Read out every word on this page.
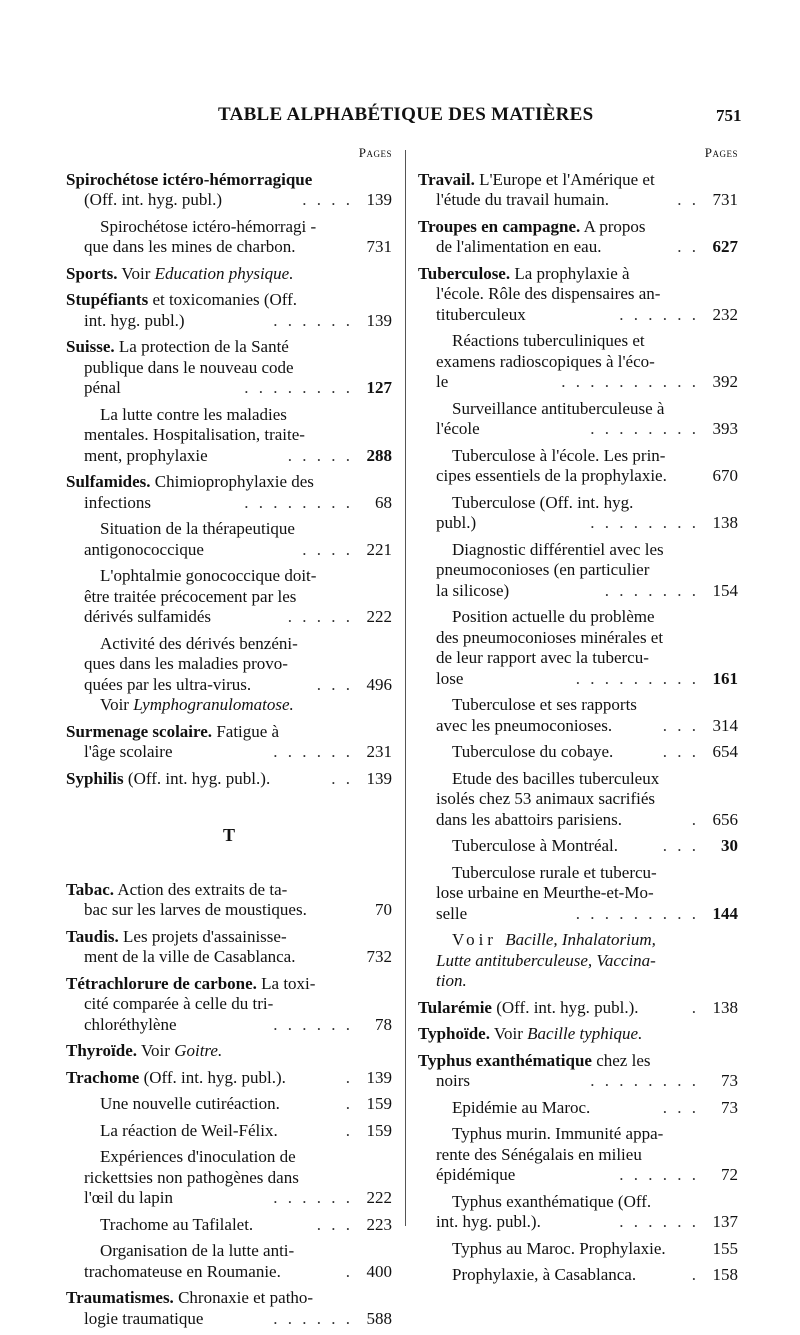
TABLE ALPHABÉTIQUE DES MATIÈRES	751
Pages
Spirochétose ictéro-hémorragique
(Off. int. hyg. publ.)	. . . . 139
Spirochétose ictéro-hémorragi -
que dans les mines de charbon.	731
Sports. Voir Education physique.
Stupéfiants et toxicomanies (Off.
int. hyg. publ.)	. . . . . . 139
Suisse. La protection de la Santé
publique dans le nouveau code
pénal	. . . . . . . . 127
La lutte contre les maladies
mentales. Hospitalisation, traite-
ment, prophylaxie	. . . . . 288
Sulfamides. Chimioprophylaxie des
infections	. . . . . . . .	68
Situation de la thérapeutique
antigonococcique	. . . . 221
L'ophtalmie gonococcique doit-
être traitée précocement par les
dérivés sulfamidés	. . . . . 222
Activité des dérivés benzéni-
ques dans les maladies provo-
quées par les ultra-virus.	. . . 496
Voir Lymphogranulomatose.
Surmenage scolaire. Fatigue à
l'âge scolaire	. . . . . . 231
Syphilis (Off. int. hyg. publ.).	. . 139
T
Tabac. Action des extraits de ta-
bac sur les larves de moustiques.	70
Taudis. Les projets d'assainisse-
ment de la ville de Casablanca.	732
Tétrachlorure de carbone. La toxi-
cité comparée à celle du tri-
chloréthylène	. . . . . .	78
Thyroïde. Voir Goitre.
Trachome (Off. int. hyg. publ.).	. 139
Une nouvelle cutiréaction.	. 159
La réaction de Weil-Félix.	. 159
Expériences d'inoculation de
rickettsies non pathogènes dans
l'œil du lapin	. . . . . . 222
Trachome au Tafilalet.	. . . 223
Organisation de la lutte anti-
trachomateuse en Roumanie.	. 400
Traumatismes. Chronaxie et patho-
logie traumatique	. . . . . . 588
Pages
Travail. L'Europe et l'Amérique et
l'étude du travail humain.	. . 731
Troupes en campagne. A propos
de l'alimentation en eau.	. . 627
Tuberculose. La prophylaxie à
l'école. Rôle des dispensaires an-
tituberculeux	. . . . . . 232
Réactions tuberculiniques et
examens radioscopiques à l'éco-
le	. . . . . . . . . . 392
Surveillance antituberculeuse à
l'école	. . . . . . . . 393
Tuberculose à l'école. Les prin-
cipes essentiels de la prophylaxie.	670
Tuberculose (Off. int. hyg.
publ.)	. . . . . . . . 138
Diagnostic différentiel avec les
pneumoconioses (en particulier
la silicose)	. . . . . . . 154
Position actuelle du problème
des pneumoconioses minérales et
de leur rapport avec la tubercu-
lose	. . . . . . . . . 161
Tuberculose et ses rapports
avec les pneumoconioses.	. . . 314
Tuberculose du cobaye.	. . . 654
Etude des bacilles tuberculeux
isolés chez 53 animaux sacrifiés
dans les abattoirs parisiens.	. 656
Tuberculose à Montréal.	. . .	30
Tuberculose rurale et tubercu-
lose urbaine en Meurthe-et-Mo-
selle	. . . . . . . . . 144
Voir Bacille, Inhalatorium,
Lutte antituberculeuse, Vaccina-
tion.
Tularémie (Off. int. hyg. publ.).	. 138
Typhoïde. Voir Bacille typhique.
Typhus exanthématique chez les
noirs	. . . . . . . .	73
Epidémie au Maroc.	. . .	73
Typhus murin. Immunité appa-
rente des Sénégalais en milieu
épidémique	. . . . . .	72
Typhus exanthématique (Off.
int. hyg. publ.).	. . . . . . 137
Typhus au Maroc. Prophylaxie.	155
Prophylaxie, à Casablanca.	. 158
